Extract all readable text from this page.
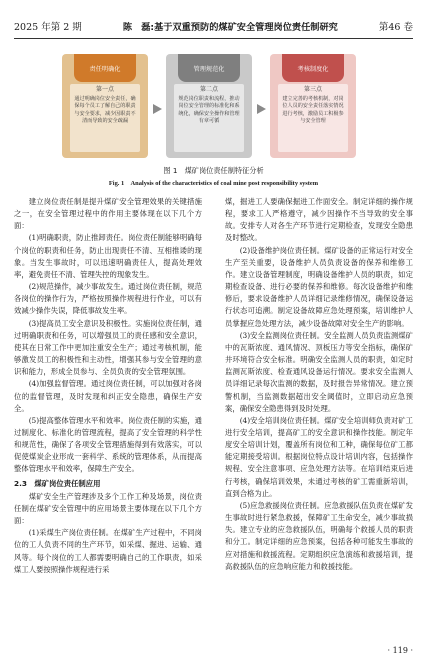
2025 年第 2 期	陈　磊:基于双重预防的煤矿安全管理岗位责任制研究	第46 卷
责任明确化
第一点
通过明确岗位安全责任，确保每个员工了解自己的职责与安全要求，减少因职责不清而导致的安全疏漏
管理规范化
第二点
规范岗位职责和流程，推动岗位安全管理的标准化和系统化，确保安全操作和管理有章可循
考核制度化
第三点
建立完善的考核机制，对岗位人员的安全责任落实情况进行考核，激励员工积极参与安全管理
图 1　煤矿岗位责任制特征分析
Fig. 1　Analysis of the characteristics of coal mine post responsibility system

建立岗位责任制是提升煤矿安全管理效果的关键措施之一，在安全管理过程中的作用主要体现在以下几个方面：

(1)明确职责，防止推卸责任。岗位责任制能够明确每个岗位的职责和任务，防止出现责任不清、互相推诿的现象。当发生事故时，可以迅速明确责任人，提高处理效率，避免责任不清、管理失控的现象发生。

(2)规范操作，减少事故发生。通过岗位责任制，规范各岗位的操作行为，严格按照操作规程进行作业，可以有效减少操作失误，降低事故发生率。

(3)提高员工安全意识及积极性。实施岗位责任制，通过明确职责和任务，可以增强员工的责任感和安全意识，使其在日常工作中更加注重安全生产；通过考核机制，能够激发员工的积极性和主动性，增强其参与安全管理的意识和能力，形成全员参与、全员负责的安全管理氛围。

(4)加强监督管理。通过岗位责任制，可以加强对各岗位的监督管理，及时发现和纠正安全隐患，确保生产安全。

(5)提高整体管理水平和效率。岗位责任制的实施，通过制度化、标准化的管理流程，提高了安全管理的科学性和规范性，确保了各项安全管理措施得到有效落实，可以促使煤炭企业形成一套科学、系统的管理体系，从而提高整体管理水平和效率，保障生产安全。

2.3　煤矿岗位责任制应用

煤矿安全生产管理涉及多个工作工种及场景，岗位责任制在煤矿安全管理中的应用场景主要体现在以下几个方面：

(1)采煤生产岗位责任制。在煤矿生产过程中，不同岗位的工人负责不同的生产环节，如采煤、掘进、运输、通风等。每个岗位的工人都需要明确自己的工作职责，如采煤工人要按照操作规程进行采

煤，掘进工人要确保掘进工作面安全。制定详细的操作规程，要求工人严格遵守，减少因操作不当导致的安全事故。安排专人对各生产环节进行定期检查，发现安全隐患及时整改。

(2)设备维护岗位责任制。煤矿设备的正常运行对安全生产至关重要，设备维护人员负责设备的保养和维修工作。建立设备管理制度，明确设备维护人员的职责，如定期检查设备、进行必要的保养和维修。每次设备维护和维修后，要求设备维护人员详细记录维修情况，确保设备运行状态可追溯。制定设备故障应急处理预案，培训维护人员掌握应急处理方法，减少设备故障对安全生产的影响。

(3)安全监测岗位责任制。安全监测人员负责监测煤矿中的瓦斯浓度、通风情况、顶板压力等安全指标，确保矿井环境符合安全标准。明确安全监测人员的职责，如定时监测瓦斯浓度、检查通风设备运行情况。要求安全监测人员详细记录每次监测的数据，及时报告异常情况。建立预警机制，当监测数据超出安全阈值时，立即启动应急预案，确保安全隐患得到及时处理。

(4)安全培训岗位责任制。煤矿安全培训师负责对矿工进行安全培训，提高矿工的安全意识和操作技能。制定年度安全培训计划，覆盖所有岗位和工种，确保每位矿工都能定期接受培训。根据岗位特点设计培训内容，包括操作规程、安全注意事项、应急处理方法等。在培训结束后进行考核，确保培训效果，未通过考核的矿工需重新培训，直到合格为止。

(5)应急救援岗位责任制。应急救援队伍负责在煤矿发生事故时进行紧急救援，保障矿工生命安全，减少事故损失。建立专业的应急救援队伍，明确每个救援人员的职责和分工。制定详细的应急预案，包括各种可能发生事故的应对措施和救援流程。定期组织应急演练和救援培训，提高救援队伍的应急响应能力和救援技能。

· 119 ·
